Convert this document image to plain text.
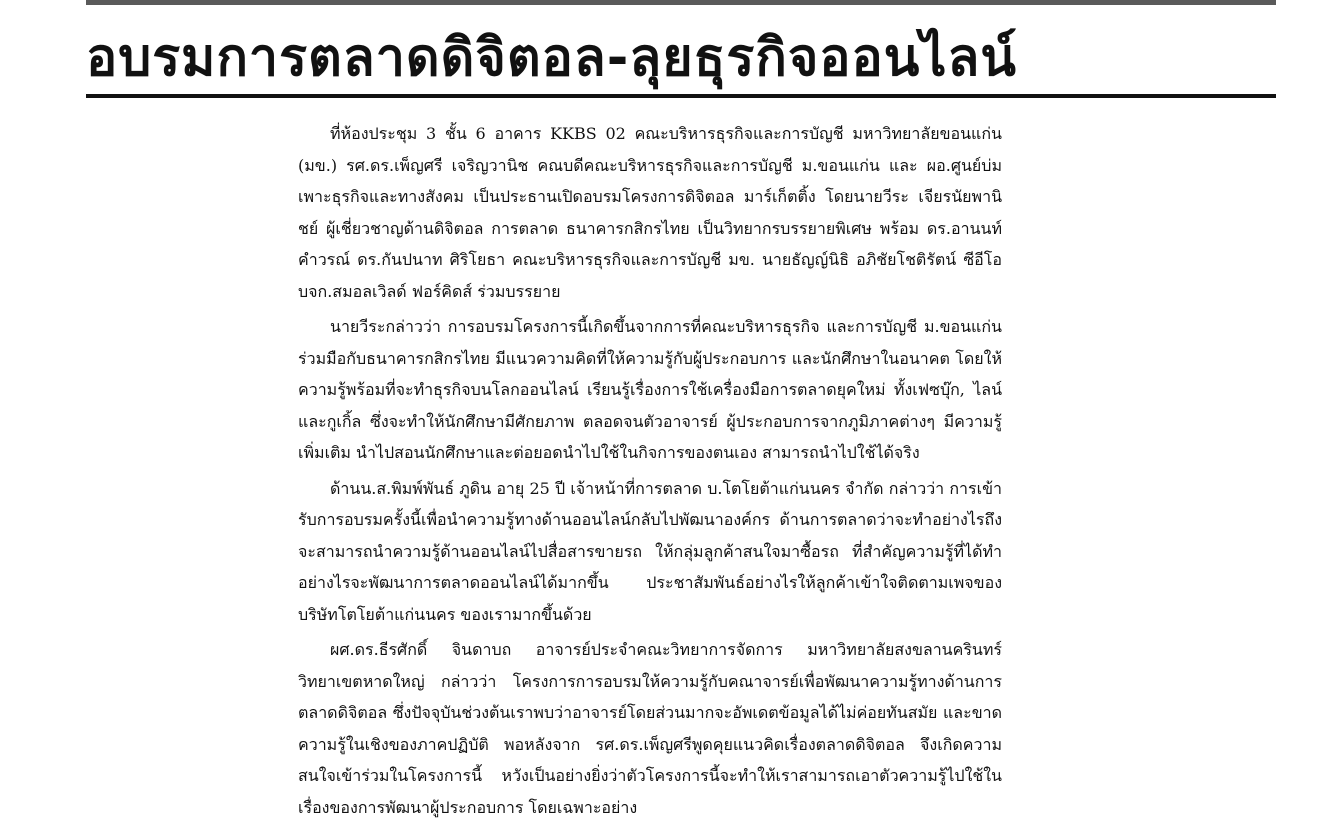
อบรมการตลาดดิจิตอล-ลุยธุรกิจออนไลน์

ที่ห้องประชุม 3 ชั้น 6 อาคาร KKBS 02 คณะบริหารธุรกิจและการบัญชี มหาวิทยาลัยขอนแก่น (มข.) รศ.ดร.เพ็ญศรี เจริญวานิช คณบดีคณะบริหารธุรกิจและการบัญชี ม.ขอนแก่น และ ผอ.ศูนย์บ่มเพาะธุรกิจและทางสังคม เป็นประธานเปิดอบรมโครงการดิจิตอล มาร์เก็ตติ้ง โดยนายวีระ เจียรนัยพานิชย์ ผู้เชี่ยวชาญด้านดิจิตอล การตลาด ธนาคารกสิกรไทย เป็นวิทยากรบรรยายพิเศษ พร้อม ดร.อานนท์ คำวรณ์ ดร.กันปนาท ศิริโยธา คณะบริหารธุรกิจและการบัญชี มข. นายธัญญ์นิธิ อภิชัยโชติรัตน์ ซีอีโอ บจก.สมอลเวิลด์ ฟอร์คิดส์ ร่วมบรรยาย

นายวีระกล่าวว่า การอบรมโครงการนี้เกิดขึ้นจากการที่คณะบริหารธุรกิจ และการบัญชี ม.ขอนแก่น ร่วมมือกับธนาคารกสิกรไทย มีแนวความคิดที่ให้ความรู้กับผู้ประกอบการ และนักศึกษาในอนาคต โดยให้ความรู้พร้อมที่จะทำธุรกิจบนโลกออนไลน์ เรียนรู้เรื่องการใช้เครื่องมือการตลาดยุคใหม่ ทั้งเฟซบุ๊ก, ไลน์ และกูเกิ้ล ซึ่งจะทำให้นักศึกษามีศักยภาพ ตลอดจนตัวอาจารย์ ผู้ประกอบการจากภูมิภาคต่างๆ มีความรู้เพิ่มเติม นำไปสอนนักศึกษาและต่อยอดนำไปใช้ในกิจการของตนเอง สามารถนำไปใช้ได้จริง

ด้านน.ส.พิมพ์พันธ์ ภูดิน อายุ 25 ปี เจ้าหน้าที่การตลาด บ.โตโยต้าแก่นนคร จำกัด กล่าวว่า การเข้ารับการอบรมครั้งนี้เพื่อนำความรู้ทางด้านออนไลน์กลับไปพัฒนาองค์กร ด้านการตลาดว่าจะทำอย่างไรถึงจะสามารถนำความรู้ด้านออนไลน์ไปสื่อสารขายรถ ให้กลุ่มลูกค้าสนใจมาซื้อรถ ที่สำคัญความรู้ที่ได้ทำอย่างไรจะพัฒนาการตลาดออนไลน์ได้มากขึ้น ประชาสัมพันธ์อย่างไรให้ลูกค้าเข้าใจติดตามเพจของบริษัทโตโยต้าแก่นนคร ของเรามากขึ้นด้วย

ผศ.ดร.ธีรศักดิ์ จินดาบถ อาจารย์ประจำคณะวิทยาการจัดการ มหาวิทยาลัยสงขลานครินทร์ วิทยาเขตหาดใหญ่ กล่าวว่า โครงการการอบรมให้ความรู้กับคณาจารย์เพื่อพัฒนาความรู้ทางด้านการตลาดดิจิตอล ซึ่งปัจจุบันช่วงต้นเราพบว่าอาจารย์โดยส่วนมากจะอัพเดตข้อมูลได้ไม่ค่อยทันสมัย และขาดความรู้ในเชิงของภาคปฏิบัติ พอหลังจาก รศ.ดร.เพ็ญศรีพูดคุยแนวคิดเรื่องตลาดดิจิตอล จึงเกิดความสนใจเข้าร่วมในโครงการนี้ หวังเป็นอย่างยิ่งว่าตัวโครงการนี้จะทำให้เราสามารถเอาตัวความรู้ไปใช้ในเรื่องของการพัฒนาผู้ประกอบการ โดยเฉพาะอย่าง
